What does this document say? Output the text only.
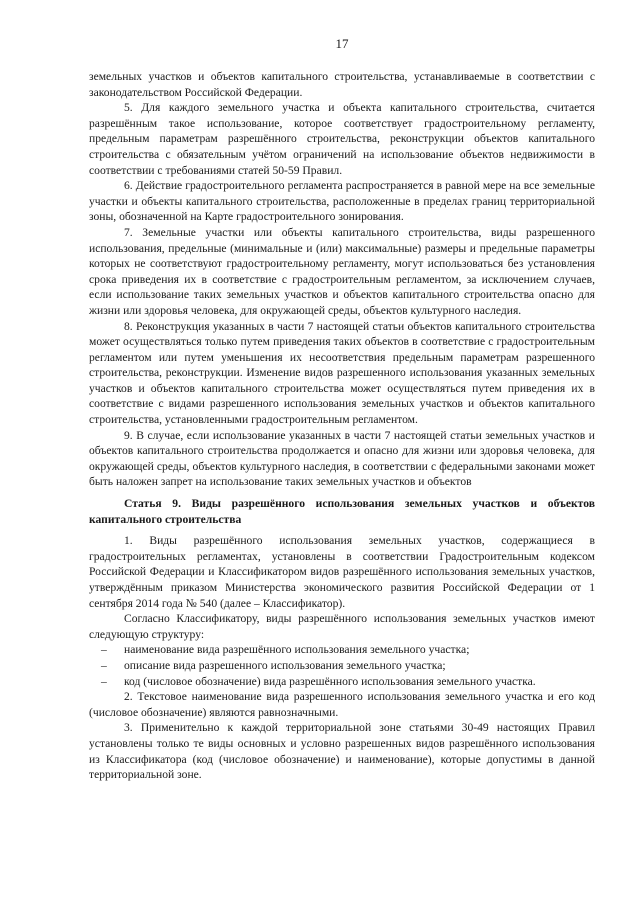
17

земельных участков и объектов капитального строительства, устанавливаемые в соответствии с законодательством Российской Федерации.

5. Для каждого земельного участка и объекта капитального строительства, считается разрешённым такое использование, которое соответствует градостроительному регламенту, предельным параметрам разрешённого строительства, реконструкции объектов капитального строительства с обязательным учётом ограничений на использование объектов недвижимости в соответствии с требованиями статей 50-59 Правил.

6. Действие градостроительного регламента распространяется в равной мере на все земельные участки и объекты капитального строительства, расположенные в пределах границ территориальной зоны, обозначенной на Карте градостроительного зонирования.

7. Земельные участки или объекты капитального строительства, виды разрешенного использования, предельные (минимальные и (или) максимальные) размеры и предельные параметры которых не соответствуют градостроительному регламенту, могут использоваться без установления срока приведения их в соответствие с градостроительным регламентом, за исключением случаев, если использование таких земельных участков и объектов капитального строительства опасно для жизни или здоровья человека, для окружающей среды, объектов культурного наследия.

8. Реконструкция указанных в части 7 настоящей статьи объектов капитального строительства может осуществляться только путем приведения таких объектов в соответствие с градостроительным регламентом или путем уменьшения их несоответствия предельным параметрам разрешенного строительства, реконструкции. Изменение видов разрешенного использования указанных земельных участков и объектов капитального строительства может осуществляться путем приведения их в соответствие с видами разрешенного использования земельных участков и объектов капитального строительства, установленными градостроительным регламентом.

9. В случае, если использование указанных в части 7 настоящей статьи земельных участков и объектов капитального строительства продолжается и опасно для жизни или здоровья человека, для окружающей среды, объектов культурного наследия, в соответствии с федеральными законами может быть наложен запрет на использование таких земельных участков и объектов

Статья 9. Виды разрешённого использования земельных участков и объектов капитального строительства

1. Виды разрешённого использования земельных участков, содержащиеся в градостроительных регламентах, установлены в соответствии Градостроительным кодексом Российской Федерации и Классификатором видов разрешённого использования земельных участков, утверждённым приказом Министерства экономического развития Российской Федерации от 1 сентября 2014 года № 540 (далее – Классификатор).

Согласно Классификатору, виды разрешённого использования земельных участков имеют следующую структуру:

– наименование вида разрешённого использования земельного участка;
– описание вида разрешенного использования земельного участка;
– код (числовое обозначение) вида разрешённого использования земельного участка.

2. Текстовое наименование вида разрешенного использования земельного участка и его код (числовое обозначение) являются равнозначными.

3. Применительно к каждой территориальной зоне статьями 30-49 настоящих Правил установлены только те виды основных и условно разрешенных видов разрешённого использования из Классификатора (код (числовое обозначение) и наименование), которые допустимы в данной территориальной зоне.
